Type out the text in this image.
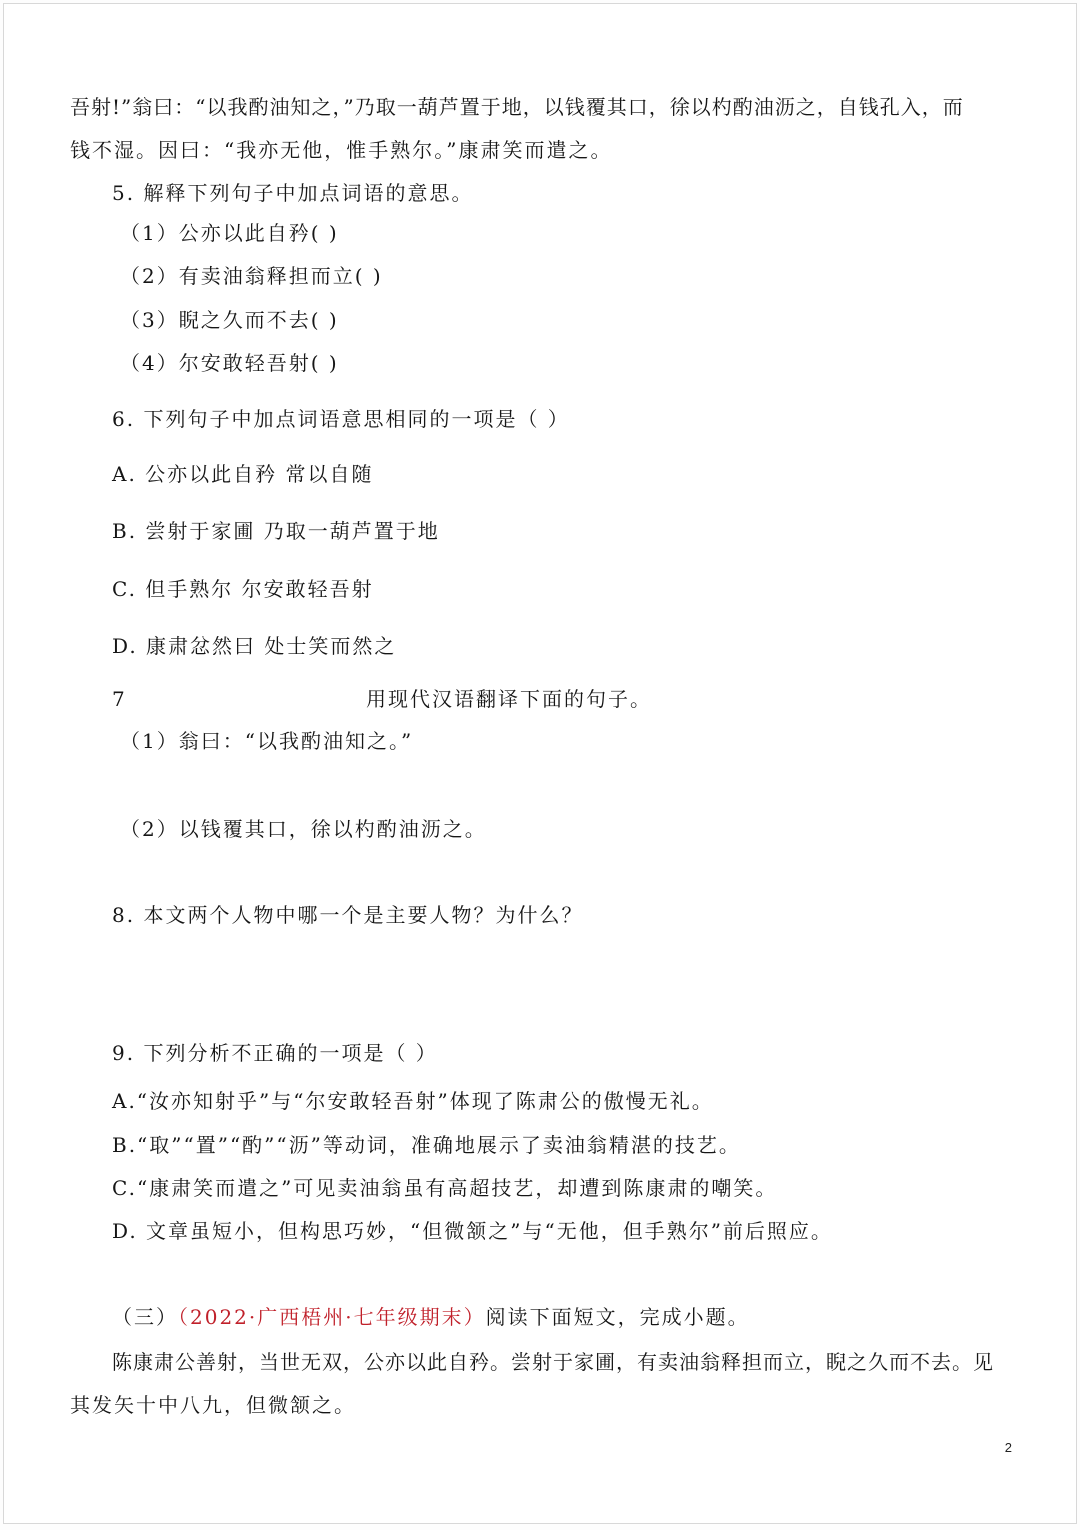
吾射!”翁曰：“以我酌油知之，”乃取一葫芦置于地，以钱覆其口，徐以杓酌油沥之，自钱孔入，而
钱不湿。因曰：“我亦无他，惟手熟尔。”康肃笑而遣之。
5. 解释下列句子中加点词语的意思。
（1）公亦以此自矜( )
（2）有卖油翁释担而立( )
（3）睨之久而不去( )
（4）尔安敢轻吾射( )
6. 下列句子中加点词语意思相同的一项是（ ）
A. 公亦以此自矜 常以自随
B. 尝射于家圃 乃取一葫芦置于地
C. 但手熟尔 尔安敢轻吾射
D. 康肃忿然曰 处士笑而然之
7	用现代汉语翻译下面的句子。
（1）翁曰：“以我酌油知之。”
（2）以钱覆其口，徐以杓酌油沥之。
8. 本文两个人物中哪一个是主要人物？为什么？
9. 下列分析不正确的一项是（ ）
A.“汝亦知射乎”与“尔安敢轻吾射”体现了陈肃公的傲慢无礼。
B.“取”“置”“酌”“沥”等动词，准确地展示了卖油翁精湛的技艺。
C.“康肃笑而遣之”可见卖油翁虽有高超技艺，却遭到陈康肃的嘲笑。
D. 文章虽短小，但构思巧妙，“但微颔之”与“无他，但手熟尔”前后照应。
（三）（2022·广西梧州·七年级期末）阅读下面短文，完成小题。
陈康肃公善射，当世无双，公亦以此自矜。尝射于家圃，有卖油翁释担而立，睨之久而不去。见
其发矢十中八九，但微颔之。
2
